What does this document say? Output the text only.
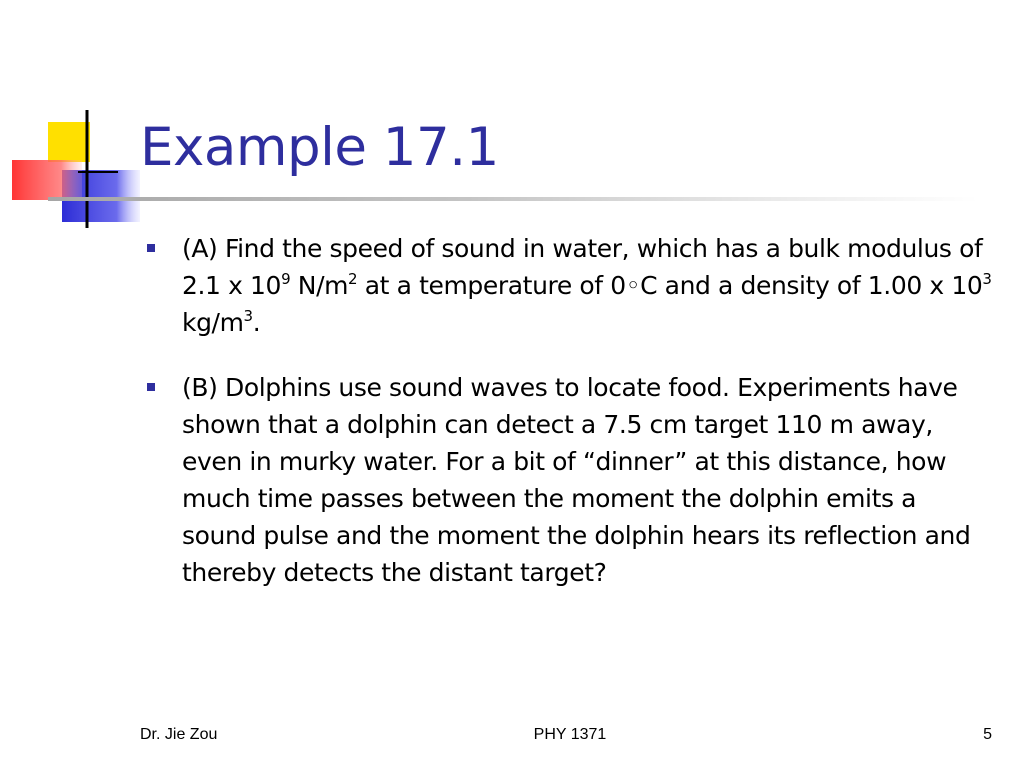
Example 17.1
(A) Find the speed of sound in water, which has a bulk modulus of 2.1 x $10^9$ $N/m^2$ at a temperature of 0◦C and a density of 1.00 x $10^3$ $kg/m^3$.
(B) Dolphins use sound waves to locate food. Experiments have shown that a dolphin can detect a 7.5 cm target 110 m away, even in murky water. For a bit of “dinner” at this distance, how much time passes between the moment the dolphin emits a sound pulse and the moment the dolphin hears its reflection and thereby detects the distant target?
Dr. Jie Zou	PHY 1371	5
